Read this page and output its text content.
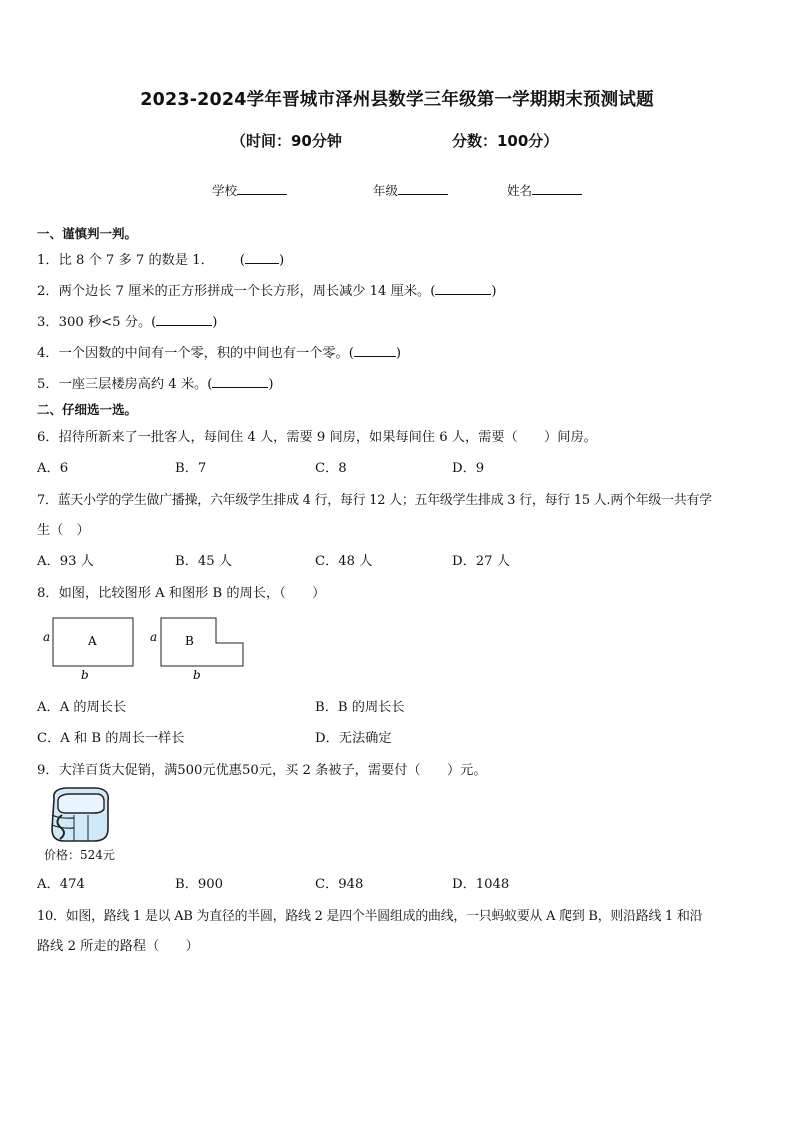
2023-2024学年晋城市泽州县数学三年级第一学期期末预测试题
（时间：90分钟	分数：100分）
学校	年级	姓名
一、谨慎判一判。
1．比 8 个 7 多 7 的数是 1． (	)
2．两个边长 7 厘米的正方形拼成一个长方形，周长减少 14 厘米。(	)
3．300 秒<5 分。(	)
4．一个因数的中间有一个零，积的中间也有一个零。(	)
5．一座三层楼房高约 4 米。(	)
二、仔细选一选。
6．招待所新来了一批客人，每间住 4 人，需要 9 间房，如果每间住 6 人，需要（　　）间房。
A．6	B．7	C．8	D．9
7．蓝天小学的学生做广播操，六年级学生排成 4 行，每行 12 人；五年级学生排成 3 行，每行 15 人.两个年级一共有学
生（　）
A．93 人	B．45 人	C．48 人	D．27 人
8．如图，比较图形 A 和图形 B 的周长，（　　）
a	A
b
a B
b
A．A 的周长长	B．B 的周长长
C．A 和 B 的周长一样长	D．无法确定
9．大洋百货大促销，满500元优惠50元，买 2 条被子，需要付（　　）元。
价格：524元
A．474	B．900	C．948	D．1048
10．如图，路线 1 是以 AB 为直径的半圆，路线 2 是四个半圆组成的曲线，一只蚂蚁要从 A 爬到 B，则沿路线 1 和沿
路线 2 所走的路程（　　）
